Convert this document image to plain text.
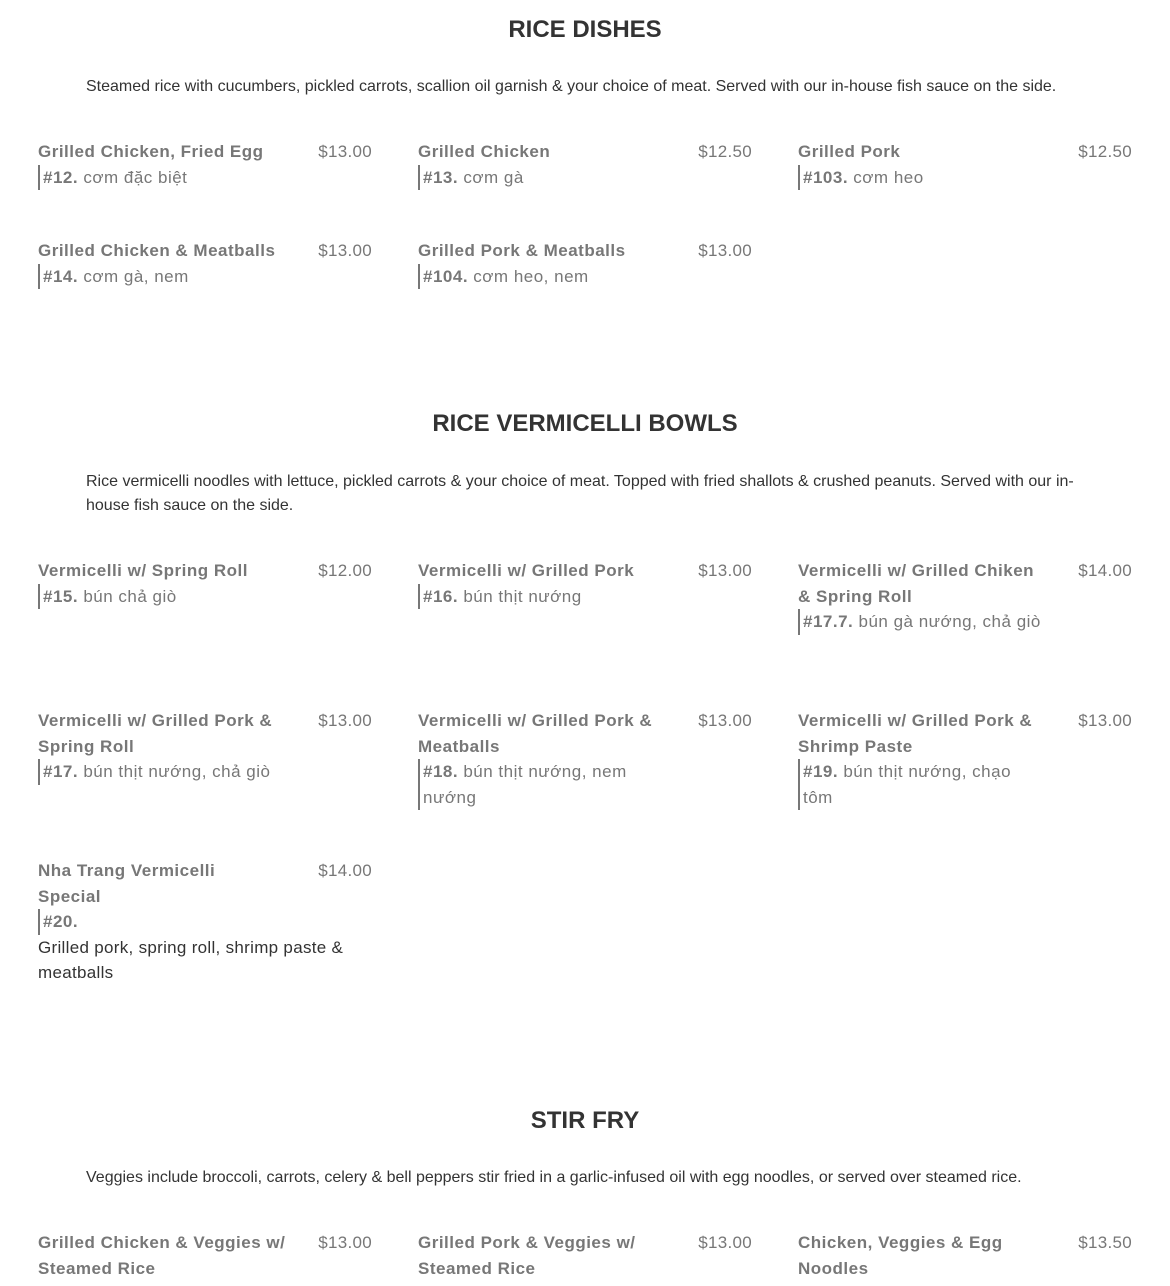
RICE DISHES

Steamed rice with cucumbers, pickled carrots, scallion oil garnish & your choice of meat. Served with our in-house fish sauce on the side.

Grilled Chicken, Fried Egg	$13.00
#12. cơm đặc biệt
Grilled Chicken	$12.50
#13. cơm gà
Grilled Pork	$12.50
#103. cơm heo
Grilled Chicken & Meatballs	$13.00
#14. cơm gà, nem
Grilled Pork & Meatballs	$13.00
#104. cơm heo, nem
RICE VERMICELLI BOWLS

Rice vermicelli noodles with lettuce, pickled carrots & your choice of meat. Topped with fried shallots & crushed peanuts. Served with our in-house fish sauce on the side.

Vermicelli w/ Spring Roll	$12.00
#15. bún chả giò
Vermicelli w/ Grilled Pork	$13.00
#16. bún thịt nướng
Vermicelli w/ Grilled Chiken & Spring Roll
$14.00
#17.7. bún gà nướng, chả giò
Vermicelli w/ Grilled Pork & Spring Roll
$13.00
#17. bún thịt nướng, chả giò
Vermicelli w/ Grilled Pork & Meatballs
$13.00
#18. bún thịt nướng, nem nướng
Vermicelli w/ Grilled Pork & Shrimp Paste
$13.00
#19. bún thịt nướng, chạo tôm
Nha Trang Vermicelli Special
$14.00
#20.
Grilled pork, spring roll, shrimp paste & meatballs
STIR FRY

Veggies include broccoli, carrots, celery & bell peppers stir fried in a garlic-infused oil with egg noodles, or served over steamed rice.

Grilled Chicken & Veggies w/ Steamed Rice
$13.00	Grilled Pork & Veggies w/ Steamed Rice
$13.00	Chicken, Veggies & Egg Noodles
$13.50
